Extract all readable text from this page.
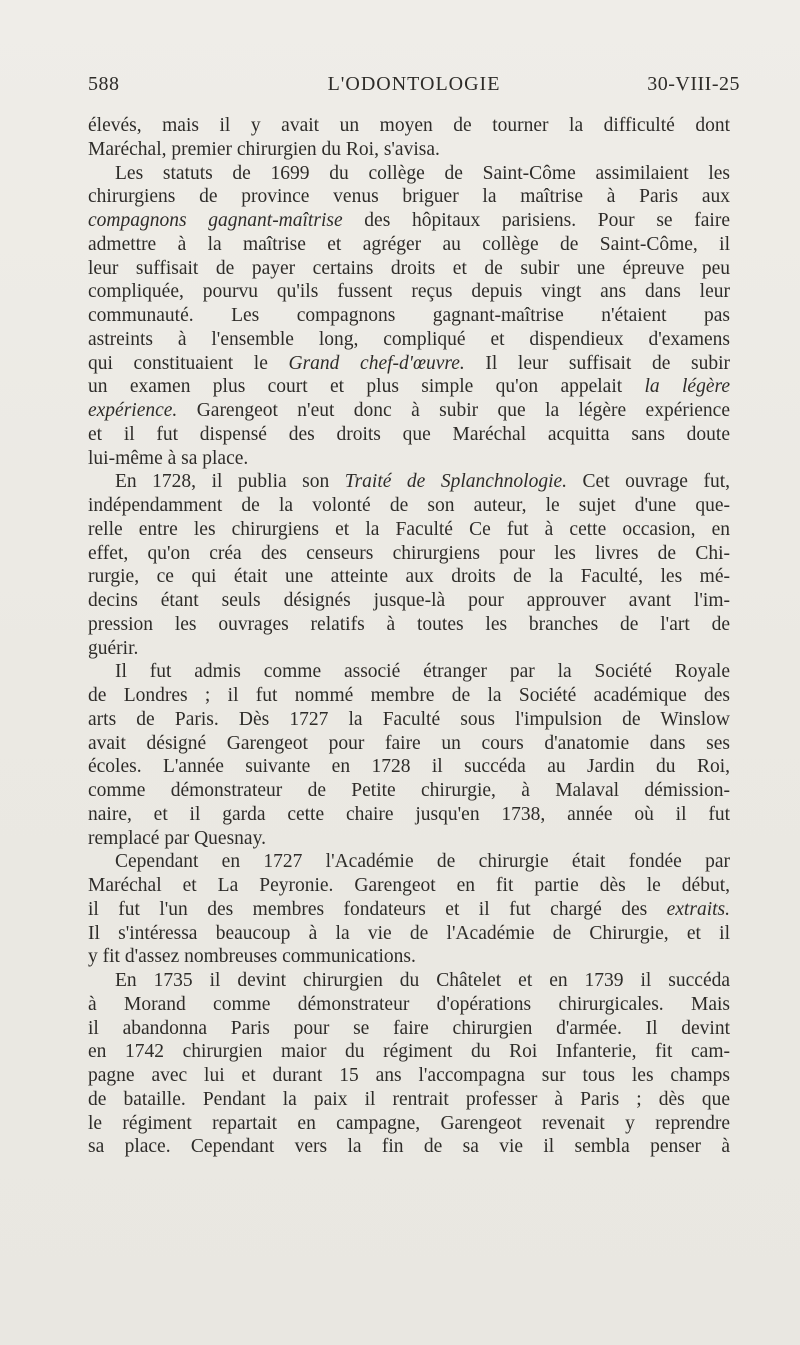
588	L'ODONTOLOGIE	30-VIII-25
élevés, mais il y avait un moyen de tourner la difficulté dont
Maréchal, premier chirurgien du Roi, s'avisa.
Les statuts de 1699 du collège de Saint-Côme assimilaient les
chirurgiens de province venus briguer la maîtrise à Paris aux
compagnons gagnant-maîtrise des hôpitaux parisiens. Pour se faire
admettre à la maîtrise et agréger au collège de Saint-Côme, il
leur suffisait de payer certains droits et de subir une épreuve peu
compliquée, pourvu qu'ils fussent reçus depuis vingt ans dans leur
communauté. Les compagnons gagnant-maîtrise n'étaient pas
astreints à l'ensemble long, compliqué et dispendieux d'examens
qui constituaient le Grand chef-d'œuvre. Il leur suffisait de subir
un examen plus court et plus simple qu'on appelait la légère
expérience. Garengeot n'eut donc à subir que la légère expérience
et il fut dispensé des droits que Maréchal acquitta sans doute
lui-même à sa place.
En 1728, il publia son Traité de Splanchnologie. Cet ouvrage fut,
indépendamment de la volonté de son auteur, le sujet d'une que-
relle entre les chirurgiens et la Faculté Ce fut à cette occasion, en
effet, qu'on créa des censeurs chirurgiens pour les livres de Chi-
rurgie, ce qui était une atteinte aux droits de la Faculté, les mé-
decins étant seuls désignés jusque-là pour approuver avant l'im-
pression les ouvrages relatifs à toutes les branches de l'art de
guérir.
Il fut admis comme associé étranger par la Société Royale
de Londres ; il fut nommé membre de la Société académique des
arts de Paris. Dès 1727 la Faculté sous l'impulsion de Winslow
avait désigné Garengeot pour faire un cours d'anatomie dans ses
écoles. L'année suivante en 1728 il succéda au Jardin du Roi,
comme démonstrateur de Petite chirurgie, à Malaval démission-
naire, et il garda cette chaire jusqu'en 1738, année où il fut
remplacé par Quesnay.
Cependant en 1727 l'Académie de chirurgie était fondée par
Maréchal et La Peyronie. Garengeot en fit partie dès le début,
il fut l'un des membres fondateurs et il fut chargé des extraits.
Il s'intéressa beaucoup à la vie de l'Académie de Chirurgie, et il
y fit d'assez nombreuses communications.
En 1735 il devint chirurgien du Châtelet et en 1739 il succéda
à Morand comme démonstrateur d'opérations chirurgicales. Mais
il abandonna Paris pour se faire chirurgien d'armée. Il devint
en 1742 chirurgien maior du régiment du Roi Infanterie, fit cam-
pagne avec lui et durant 15 ans l'accompagna sur tous les champs
de bataille. Pendant la paix il rentrait professer à Paris ; dès que
le régiment repartait en campagne, Garengeot revenait y reprendre
sa place. Cependant vers la fin de sa vie il sembla penser à
